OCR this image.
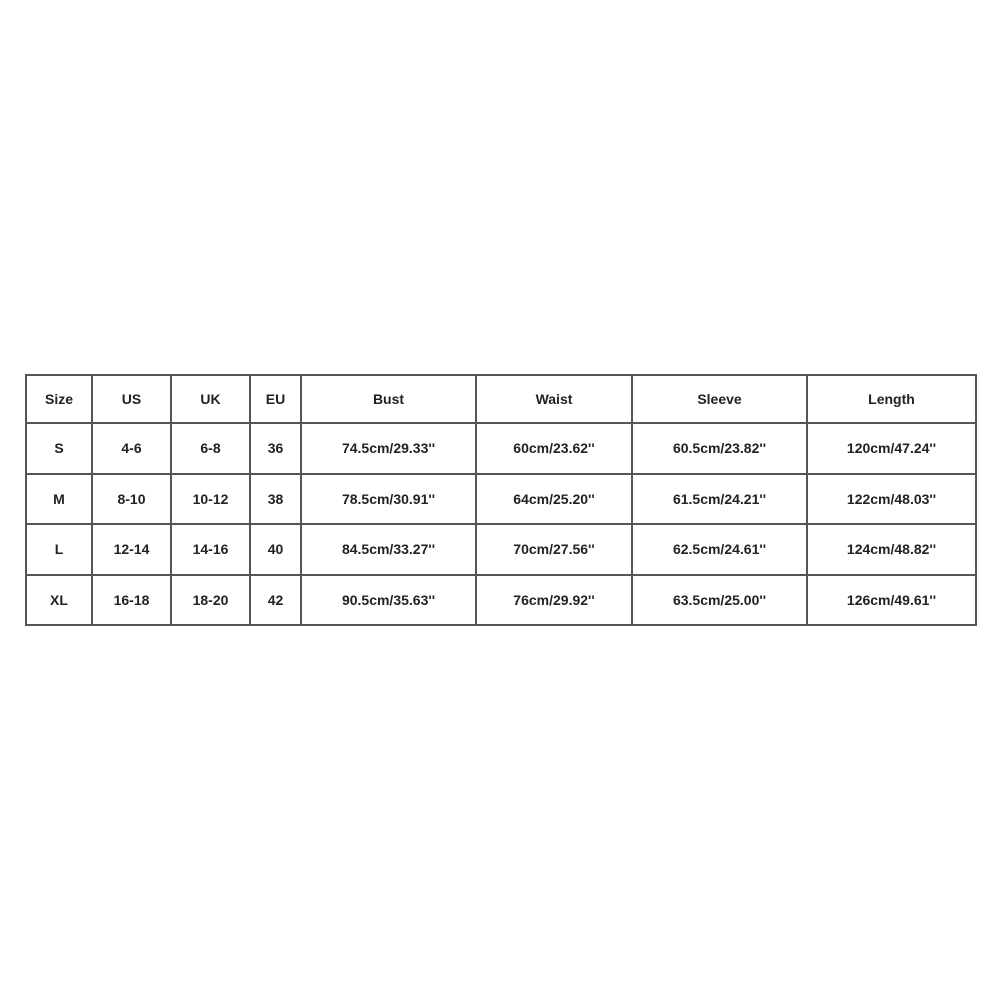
Size	US	UK	EU	Bust	Waist	Sleeve	Length
S	4-6	6-8	36	74.5cm/29.33''	60cm/23.62''	60.5cm/23.82''	120cm/47.24''
M	8-10	10-12	38	78.5cm/30.91''	64cm/25.20''	61.5cm/24.21''	122cm/48.03''
L	12-14	14-16	40	84.5cm/33.27''	70cm/27.56''	62.5cm/24.61''	124cm/48.82''
XL	16-18	18-20	42	90.5cm/35.63''	76cm/29.92''	63.5cm/25.00''	126cm/49.61''
